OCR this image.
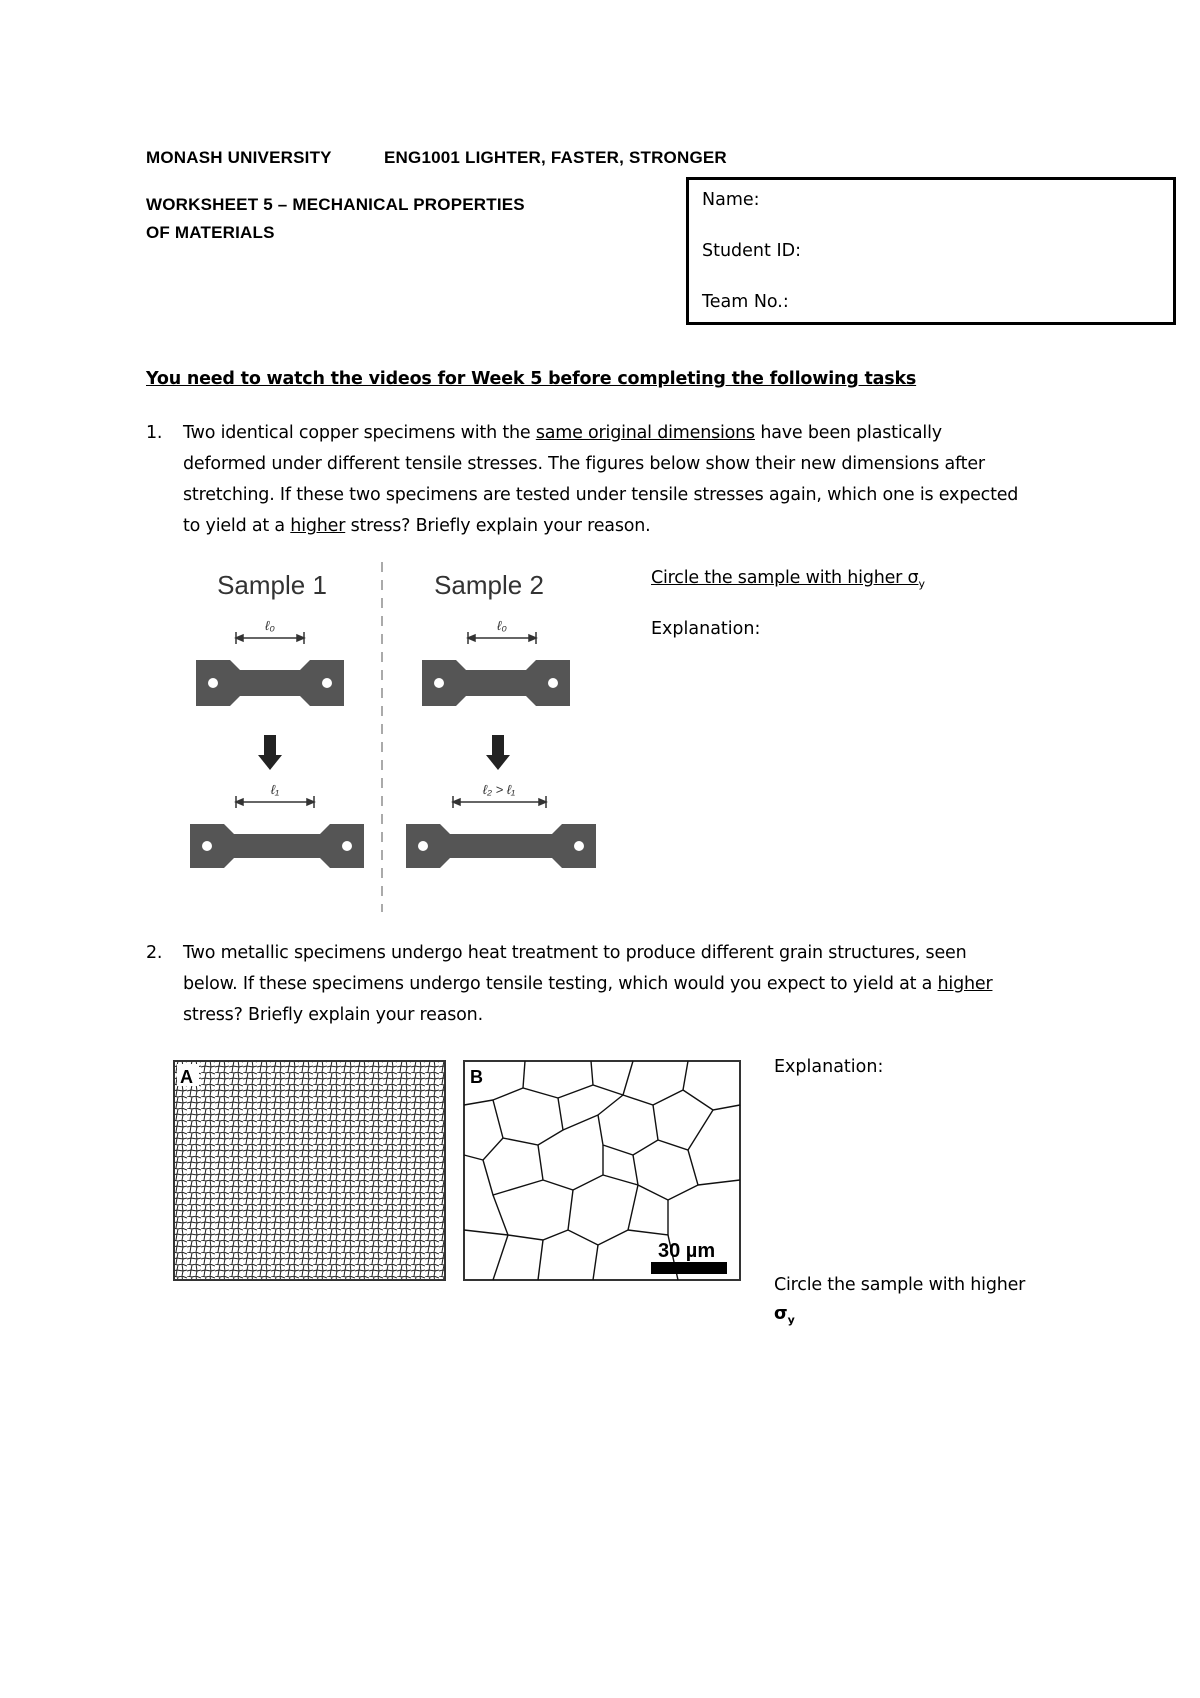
MONASH UNIVERSITY	ENG1001 LIGHTER, FASTER, STRONGER
WORKSHEET 5 – MECHANICAL PROPERTIES
OF MATERIALS
Name:
Student ID:
Team No.:
You need to watch the videos for Week 5 before completing the following tasks
1. Two identical copper specimens with the same original dimensions have been plastically
deformed under different tensile stresses. The figures below show their new dimensions after
stretching. If these two specimens are tested under tensile stresses again, which one is expected
to yield at a higher stress? Briefly explain your reason.
Sample 1	Sample 2
ℓ₀
ℓ₁
ℓ₀
ℓ₂ > ℓ₁
Circle the sample with higher $\sigma_y$
Explanation:
2. Two metallic specimens undergo heat treatment to produce different grain structures, seen
below. If these specimens undergo tensile testing, which would you expect to yield at a higher
stress? Briefly explain your reason.
A	B
30 µm
Explanation:
Circle the sample with higher
$\sigma_y$
